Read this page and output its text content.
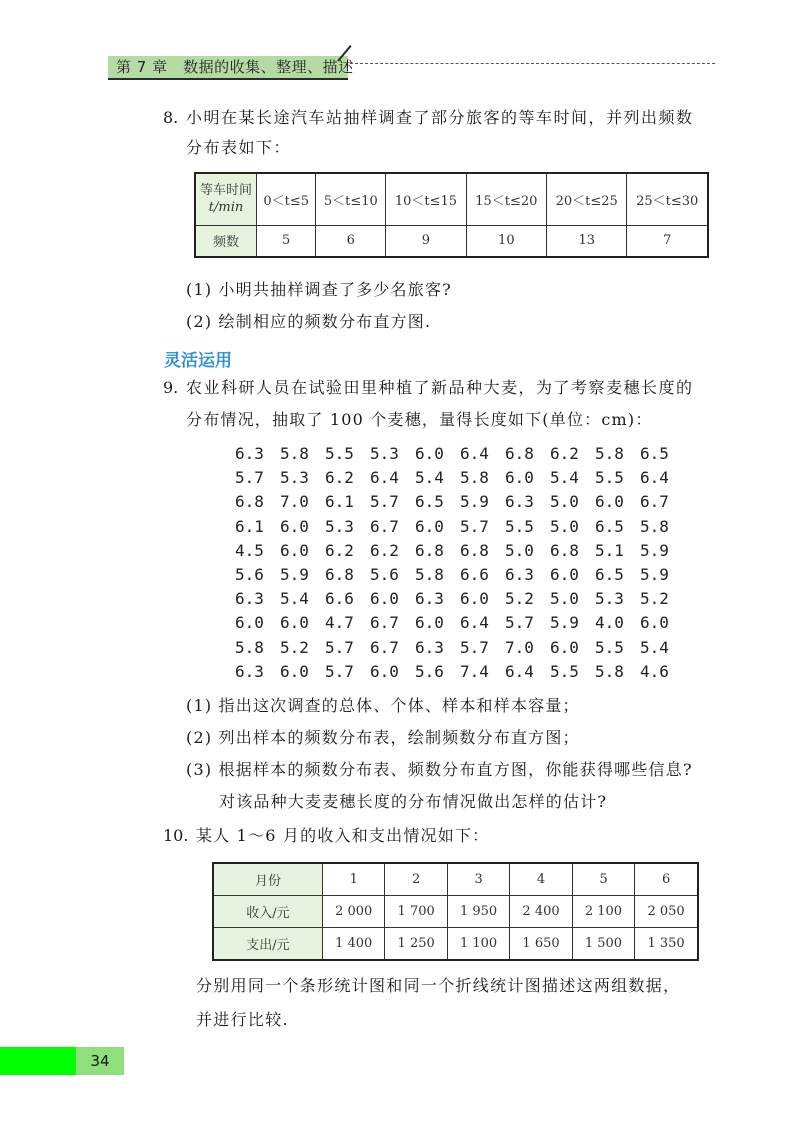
第 7 章　数据的收集、整理、描述
8. 小明在某长途汽车站抽样调查了部分旅客的等车时间，并列出频数
分布表如下：
等车时间
t/min	0＜t≤5	5＜t≤10	10＜t≤15	15＜t≤20	20＜t≤25	25＜t≤30
频数	5	6	9	10	13	7
(1) 小明共抽样调查了多少名旅客?
(2) 绘制相应的频数分布直方图.
灵活运用
9. 农业科研人员在试验田里种植了新品种大麦，为了考察麦穗长度的
分布情况，抽取了 100 个麦穗，量得长度如下(单位：cm)：
6.3 5.8 5.5 5.3 6.0 6.4 6.8 6.2 5.8 6.5
5.7 5.3 6.2 6.4 5.4 5.8 6.0 5.4 5.5 6.4
6.8 7.0 6.1 5.7 6.5 5.9 6.3 5.0 6.0 6.7
6.1 6.0 5.3 6.7 6.0 5.7 5.5 5.0 6.5 5.8
4.5 6.0 6.2 6.2 6.8 6.8 5.0 6.8 5.1 5.9
5.6 5.9 6.8 5.6 5.8 6.6 6.3 6.0 6.5 5.9
6.3 5.4 6.6 6.0 6.3 6.0 5.2 5.0 5.3 5.2
6.0 6.0 4.7 6.7 6.0 6.4 5.7 5.9 4.0 6.0
5.8 5.2 5.7 6.7 6.3 5.7 7.0 6.0 5.5 5.4
6.3 6.0 5.7 6.0 5.6 7.4 6.4 5.5 5.8 4.6
(1) 指出这次调查的总体、个体、样本和样本容量；
(2) 列出样本的频数分布表，绘制频数分布直方图；
(3) 根据样本的频数分布表、频数分布直方图，你能获得哪些信息?
对该品种大麦麦穗长度的分布情况做出怎样的估计?
10. 某人 1～6 月的收入和支出情况如下：
月份	1	2	3	4	5	6
收入/元	2 000	1 700	1 950	2 400	2 100	2 050
支出/元	1 400	1 250	1 100	1 650	1 500	1 350
分别用同一个条形统计图和同一个折线统计图描述这两组数据，
并进行比较.
34
